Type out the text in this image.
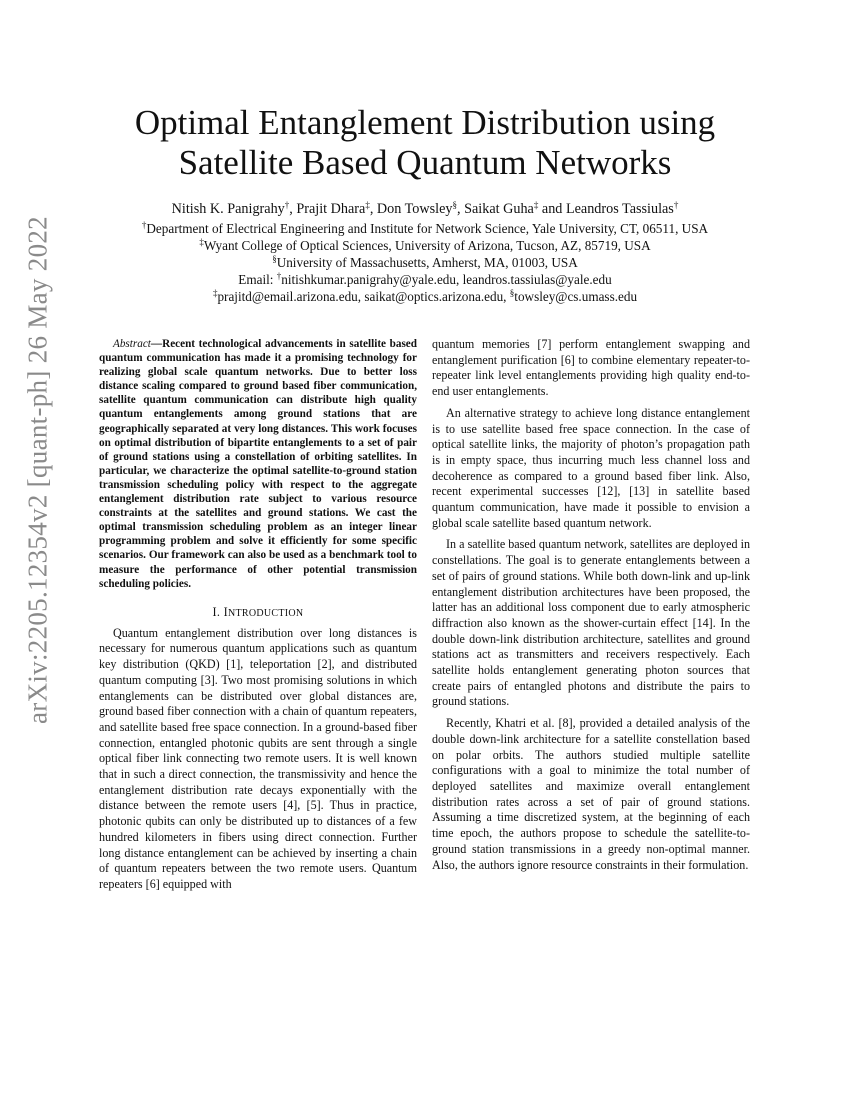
arXiv:2205.12354v2 [quant-ph] 26 May 2022
Optimal Entanglement Distribution using
Satellite Based Quantum Networks
Nitish K. Panigrahy†, Prajit Dhara‡, Don Towsley§, Saikat Guha‡ and Leandros Tassiulas†
†Department of Electrical Engineering and Institute for Network Science, Yale University, CT, 06511, USA
‡Wyant College of Optical Sciences, University of Arizona, Tucson, AZ, 85719, USA
§University of Massachusetts, Amherst, MA, 01003, USA
Email: †nitishkumar.panigrahy@yale.edu, leandros.tassiulas@yale.edu
‡prajitd@email.arizona.edu, saikat@optics.arizona.edu, §towsley@cs.umass.edu

Abstract—Recent technological advancements in satellite based quantum communication has made it a promising technology for realizing global scale quantum networks. Due to better loss distance scaling compared to ground based fiber communication, satellite quantum communication can distribute high quality quantum entanglements among ground stations that are geographically separated at very long distances. This work focuses on optimal distribution of bipartite entanglements to a set of pair of ground stations using a constellation of orbiting satellites. In particular, we characterize the optimal satellite-to-ground station transmission scheduling policy with respect to the aggregate entanglement distribution rate subject to various resource constraints at the satellites and ground stations. We cast the optimal transmission scheduling problem as an integer linear programming problem and solve it efficiently for some specific scenarios. Our framework can also be used as a benchmark tool to measure the performance of other potential transmission scheduling policies.

I. INTRODUCTION

Quantum entanglement distribution over long distances is necessary for numerous quantum applications such as quantum key distribution (QKD) [1], teleportation [2], and distributed quantum computing [3]. Two most promising solutions in which entanglements can be distributed over global distances are, ground based fiber connection with a chain of quantum repeaters, and satellite based free space connection. In a ground-based fiber connection, entangled photonic qubits are sent through a single optical fiber link connecting two remote users. It is well known that in such a direct connection, the transmissivity and hence the entanglement distribution rate decays exponentially with the distance between the remote users [4], [5]. Thus in practice, photonic qubits can only be distributed up to distances of a few hundred kilometers in fibers using direct connection. Further long distance entanglement can be achieved by inserting a chain of quantum repeaters between the two remote users. Quantum repeaters [6] equipped with

quantum memories [7] perform entanglement swapping and entanglement purification [6] to combine elementary repeater-to-repeater link level entanglements providing high quality end-to-end user entanglements.

An alternative strategy to achieve long distance entanglement is to use satellite based free space connection. In the case of optical satellite links, the majority of photon’s propagation path is in empty space, thus incurring much less channel loss and decoherence as compared to a ground based fiber link. Also, recent experimental successes [12], [13] in satellite based quantum communication, have made it possible to envision a global scale satellite based quantum network.

In a satellite based quantum network, satellites are deployed in constellations. The goal is to generate entanglements between a set of pairs of ground stations. While both down-link and up-link entanglement distribution architectures have been proposed, the latter has an additional loss component due to early atmospheric diffraction also known as the shower-curtain effect [14]. In the double down-link distribution architecture, satellites and ground stations act as transmitters and receivers respectively. Each satellite holds entanglement generating photon sources that create pairs of entangled photons and distribute the pairs to ground stations.

Recently, Khatri et al. [8], provided a detailed analysis of the double down-link architecture for a satellite constellation based on polar orbits. The authors studied multiple satellite configurations with a goal to minimize the total number of deployed satellites and maximize overall entanglement distribution rates across a set of pair of ground stations. Assuming a time discretized system, at the beginning of each time epoch, the authors propose to schedule the satellite-to-ground station transmissions in a greedy non-optimal manner. Also, the authors ignore resource constraints in their formulation.
